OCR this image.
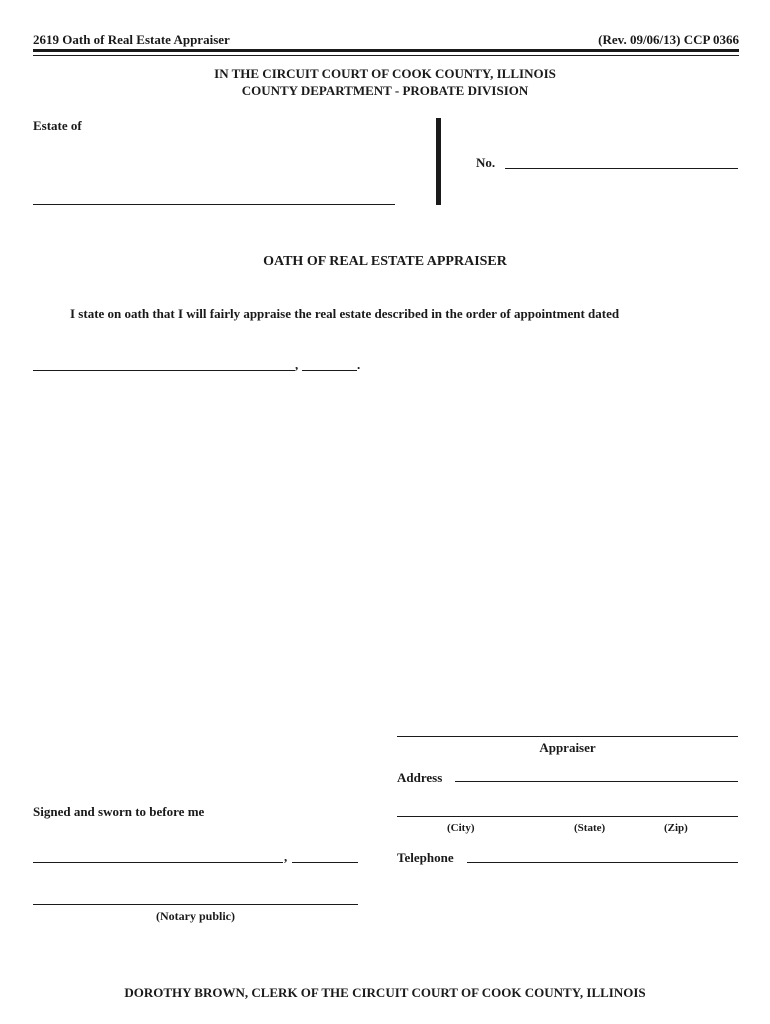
2619 Oath of Real Estate Appraiser	(Rev. 09/06/13) CCP 0366
IN THE CIRCUIT COURT OF COOK COUNTY, ILLINOIS
COUNTY DEPARTMENT - PROBATE DIVISION
Estate of
No.
OATH OF REAL ESTATE APPRAISER
I state on oath that I will fairly appraise the real estate described in the order of appointment dated
,	.
Appraiser
Address
(City)	(State)	(Zip)
Telephone
Signed and sworn to before me
,
(Notary public)
DOROTHY BROWN, CLERK OF THE CIRCUIT COURT OF COOK COUNTY, ILLINOIS
